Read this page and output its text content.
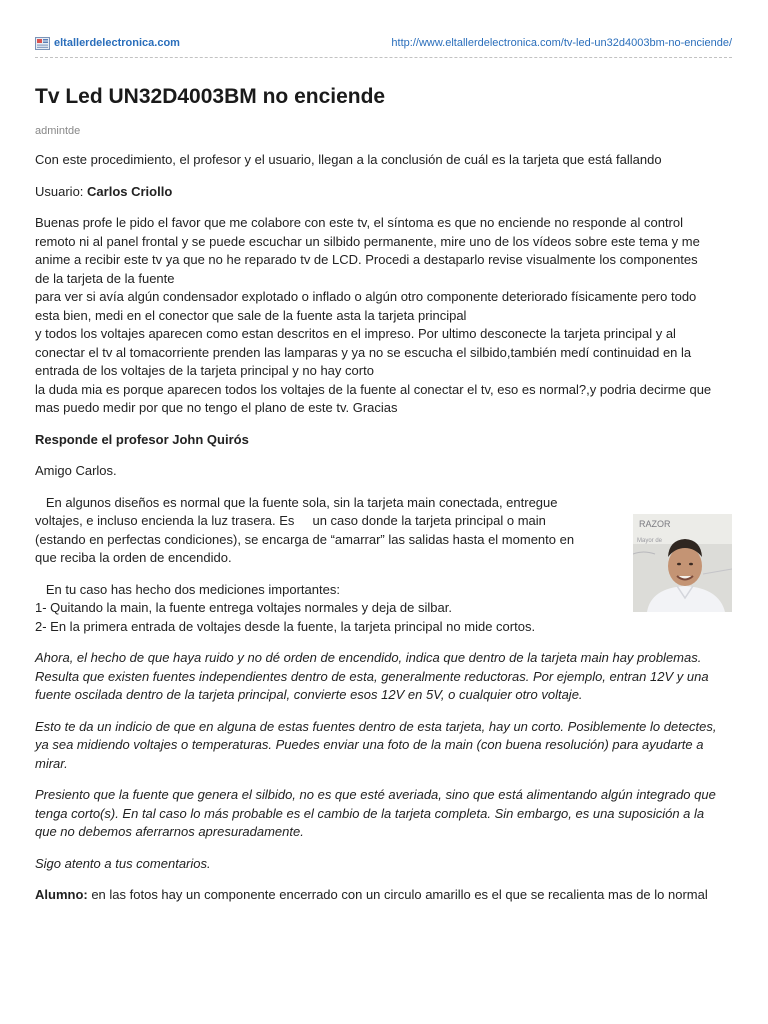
eltallerdelectronica.com	http://www.eltallerdelectronica.com/tv-led-un32d4003bm-no-enciende/
Tv Led UN32D4003BM no enciende
admintde

Con este procedimiento, el profesor y el usuario, llegan a la conclusión de cuál es la tarjeta que está fallando

Usuario: Carlos Criollo

Buenas profe le pido el favor que me colabore con este tv, el síntoma es que no enciende no responde al control
remoto ni al panel frontal y se puede escuchar un silbido permanente, mire uno de los vídeos sobre este tema y me
anime a recibir este tv ya que no he reparado tv de LCD. Procedi a destaparlo revise visualmente los componentes
de la tarjeta de la fuente
para ver si avía algún condensador explotado o inflado o algún otro componente deteriorado físicamente pero todo
esta bien, medi en el conector que sale de la fuente asta la tarjeta principal
y todos los voltajes aparecen como estan descritos en el impreso. Por ultimo desconecte la tarjeta principal y al
conectar el tv al tomacorriente prenden las lamparas y ya no se escucha el silbido,también medí continuidad en la
entrada de los voltajes de la tarjeta principal y no hay corto
la duda mia es porque aparecen todos los voltajes de la fuente al conectar el tv, eso es normal?,y podria decirme que
mas puedo medir por que no tengo el plano de este tv. Gracias

Responde el profesor John Quirós

Amigo Carlos.

En algunos diseños es normal que la fuente sola, sin la tarjeta main conectada, entregue
voltajes, e incluso encienda la luz trasera. Es     un caso donde la tarjeta principal o main
(estando en perfectas condiciones), se encarga de “amarrar” las salidas hasta el momento en
que reciba la orden de encendido.

En tu caso has hecho dos mediciones importantes:
1- Quitando la main, la fuente entrega voltajes normales y deja de silbar.
2- En la primera entrada de voltajes desde la fuente, la tarjeta principal no mide cortos.

Ahora, el hecho de que haya ruido y no dé orden de encendido, indica que dentro de la tarjeta main hay problemas.
Resulta que existen fuentes independientes dentro de esta, generalmente reductoras. Por ejemplo, entran 12V y una
fuente oscilada dentro de la tarjeta principal, convierte esos 12V en 5V, o cualquier otro voltaje.

Esto te da un indicio de que en alguna de estas fuentes dentro de esta tarjeta, hay un corto. Posiblemente lo detectes,
ya sea midiendo voltajes o temperaturas. Puedes enviar una foto de la main (con buena resolución) para ayudarte a
mirar.

Presiento que la fuente que genera el silbido, no es que esté averiada, sino que está alimentando algún integrado que
tenga corto(s). En tal caso lo más probable es el cambio de la tarjeta completa. Sin embargo, es una suposición a la
que no debemos aferrarnos apresuradamente.

Sigo atento a tus comentarios.

Alumno: en las fotos hay un componente encerrado con un circulo amarillo es el que se recalienta mas de lo normal

RAZOR
Mayor de
